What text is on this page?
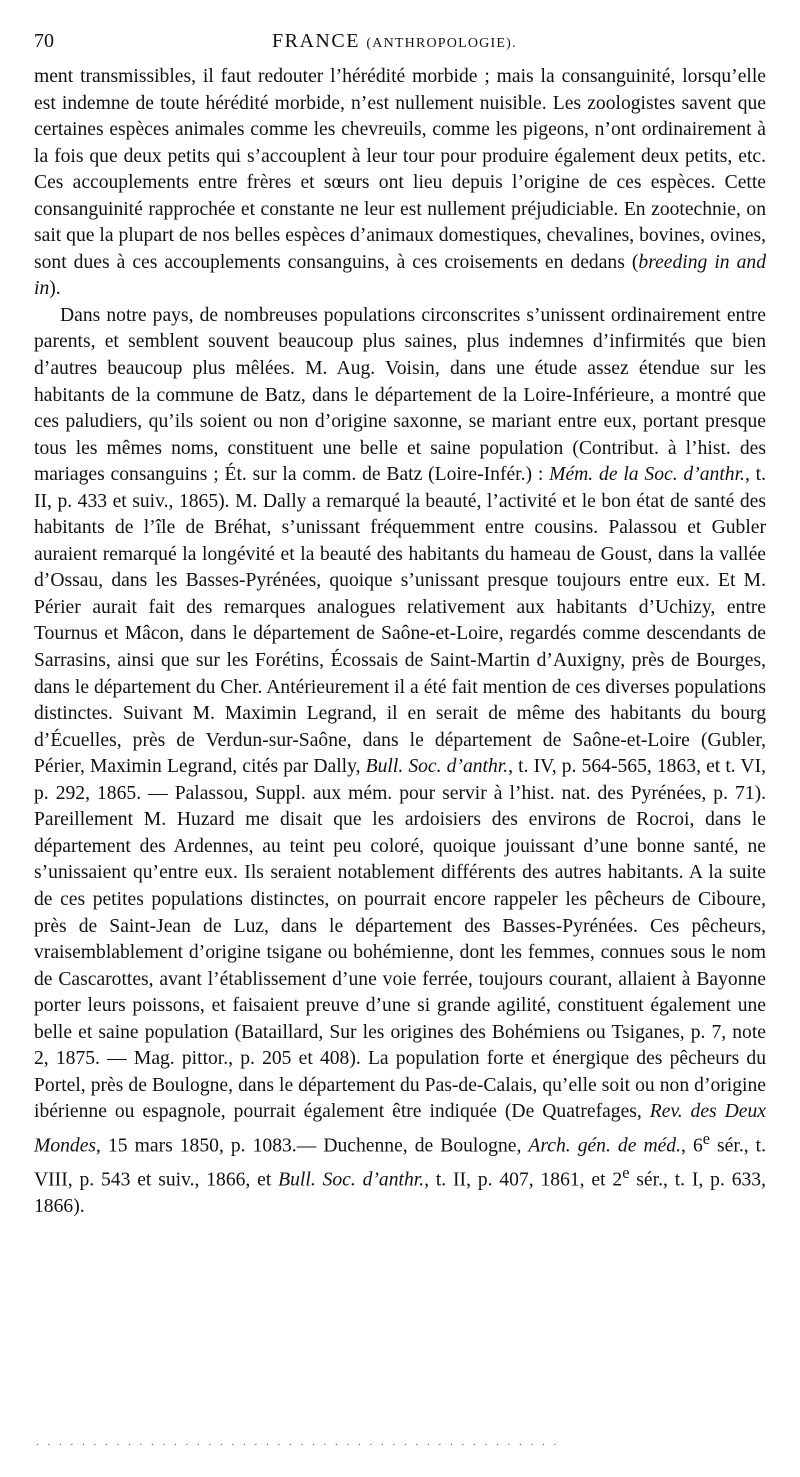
70	FRANCE (ANTHROPOLOGIE).

ment transmissibles, il faut redouter l’hérédité morbide ; mais la consanguinité, lorsqu’elle est indemne de toute hérédité morbide, n’est nullement nuisible. Les zoologistes savent que certaines espèces animales comme les chevreuils, comme les pigeons, n’ont ordinairement à la fois que deux petits qui s’accouplent à leur tour pour produire également deux petits, etc. Ces accouplements entre frères et sœurs ont lieu depuis l’origine de ces espèces. Cette consanguinité rapprochée et constante ne leur est nullement préjudiciable. En zootechnie, on sait que la plupart de nos belles espèces d’animaux domestiques, chevalines, bovines, ovines, sont dues à ces accouplements consanguins, à ces croisements en dedans (breeding in and in).

Dans notre pays, de nombreuses populations circonscrites s’unissent ordinairement entre parents, et semblent souvent beaucoup plus saines, plus indemnes d’infirmités que bien d’autres beaucoup plus mêlées. M. Aug. Voisin, dans une étude assez étendue sur les habitants de la commune de Batz, dans le département de la Loire-Inférieure, a montré que ces paludiers, qu’ils soient ou non d’origine saxonne, se mariant entre eux, portant presque tous les mêmes noms, constituent une belle et saine population (Contribut. à l’hist. des mariages consanguins ; Ét. sur la comm. de Batz (Loire-Infér.) : Mém. de la Soc. d’anthr., t. II, p. 433 et suiv., 1865). M. Dally a remarqué la beauté, l’activité et le bon état de santé des habitants de l’île de Bréhat, s’unissant fréquemment entre cousins. Palassou et Gubler auraient remarqué la longévité et la beauté des habitants du hameau de Goust, dans la vallée d’Ossau, dans les Basses-Pyrénées, quoique s’unissant presque toujours entre eux. Et M. Périer aurait fait des remarques analogues relativement aux habitants d’Uchizy, entre Tournus et Mâcon, dans le département de Saône-et-Loire, regardés comme descendants de Sarrasins, ainsi que sur les Forétins, Écossais de Saint-Martin d’Auxigny, près de Bourges, dans le département du Cher. Antérieurement il a été fait mention de ces diverses populations distinctes. Suivant M. Maximin Legrand, il en serait de même des habitants du bourg d’Écuelles, près de Verdun-sur-Saône, dans le département de Saône-et-Loire (Gubler, Périer, Maximin Legrand, cités par Dally, Bull. Soc. d’anthr., t. IV, p. 564-565, 1863, et t. VI, p. 292, 1865. — Palassou, Suppl. aux mém. pour servir à l’hist. nat. des Pyrénées, p. 71). Pareillement M. Huzard me disait que les ardoisiers des environs de Rocroi, dans le département des Ardennes, au teint peu coloré, quoique jouissant d’une bonne santé, ne s’unissaient qu’entre eux. Ils seraient notablement différents des autres habitants. A la suite de ces petites populations distinctes, on pourrait encore rappeler les pêcheurs de Ciboure, près de Saint-Jean de Luz, dans le département des Basses-Pyrénées. Ces pêcheurs, vraisemblablement d’origine tsigane ou bohémienne, dont les femmes, connues sous le nom de Cascarottes, avant l’établissement d’une voie ferrée, toujours courant, allaient à Bayonne porter leurs poissons, et faisaient preuve d’une si grande agilité, constituent également une belle et saine population (Bataillard, Sur les origines des Bohémiens ou Tsiganes, p. 7, note 2, 1875. — Mag. pittor., p. 205 et 408). La population forte et énergique des pêcheurs du Portel, près de Boulogne, dans le département du Pas-de-Calais, qu’elle soit ou non d’origine ibérienne ou espagnole, pourrait également être indiquée (De Quatrefages, Rev. des Deux Mondes, 15 mars 1850, p. 1083.— Duchenne, de Boulogne, Arch. gén. de méd., 6e sér., t. VIII, p. 543 et suiv., 1866, et Bull. Soc. d’anthr., t. II, p. 407, 1861, et 2e sér., t. I, p. 633, 1866).

. . . . . . . . . . . . . . . . . . . . . . . . . . . . . . . . . . . . . . . . . . . . . .
